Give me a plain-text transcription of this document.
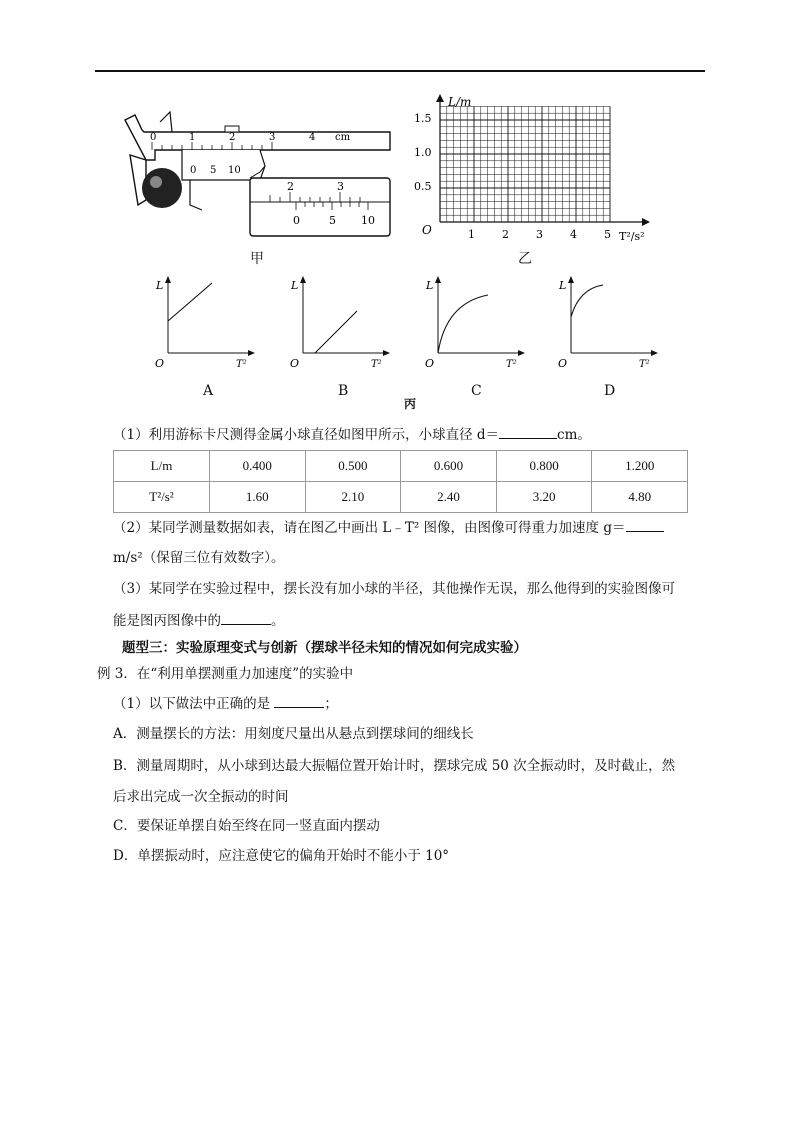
0	1	2	3	4 cm
0 5 10
2	3
0	5 10
甲
L/m
T²/s²
O
0.5
1.0
1.5
1 2 3 4 5
乙
L
T²
O
L
T²
O
L
T²
O
L
T²
O
A	B	C	D
丙
（1）利用游标卡尺测得金属小球直径如图甲所示，小球直径 d＝	cm。
L/m	0.400	0.500	0.600	0.800	1.200
T²/s²	1.60	2.10	2.40	3.20	4.80
（2）某同学测量数据如表，请在图乙中画出 L﹣T² 图像，由图像可得重力加速度 g＝
m/s²（保留三位有效数字）。
（3）某同学在实验过程中，摆长没有加小球的半径，其他操作无误，那么他得到的实验图像可
能是图丙图像中的	。
题型三：实验原理变式与创新（摆球半径未知的情况如何完成实验）
例 3．在“利用单摆测重力加速度”的实验中
（1）以下做法中正确的是	；
A．测量摆长的方法：用刻度尺量出从悬点到摆球间的细线长
B．测量周期时，从小球到达最大振幅位置开始计时，摆球完成 50 次全振动时，及时截止，然
后求出完成一次全振动的时间
C．要保证单摆自始至终在同一竖直面内摆动
D．单摆振动时，应注意使它的偏角开始时不能小于 10°
